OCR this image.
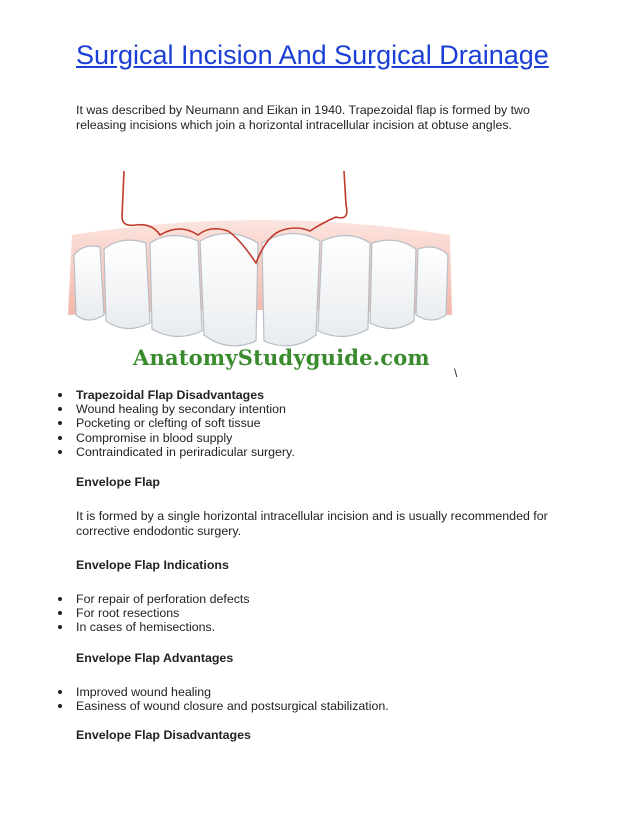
Surgical Incision And Surgical Drainage
It was described by Neumann and Eikan in 1940. Trapezoidal flap is formed by two releasing incisions which join a horizontal intracellular incision at obtuse angles.
AnatomyStudyguide.com
\
Trapezoidal Flap Disadvantages
Wound healing by secondary intention
Pocketing or clefting of soft tissue
Compromise in blood supply
Contraindicated in periradicular surgery.
Envelope Flap
It is formed by a single horizontal intracellular incision and is usually recommended for corrective endodontic surgery.
Envelope Flap Indications
For repair of perforation defects
For root resections
In cases of hemisections.
Envelope Flap Advantages
Improved wound healing
Easiness of wound closure and postsurgical stabilization.
Envelope Flap Disadvantages
